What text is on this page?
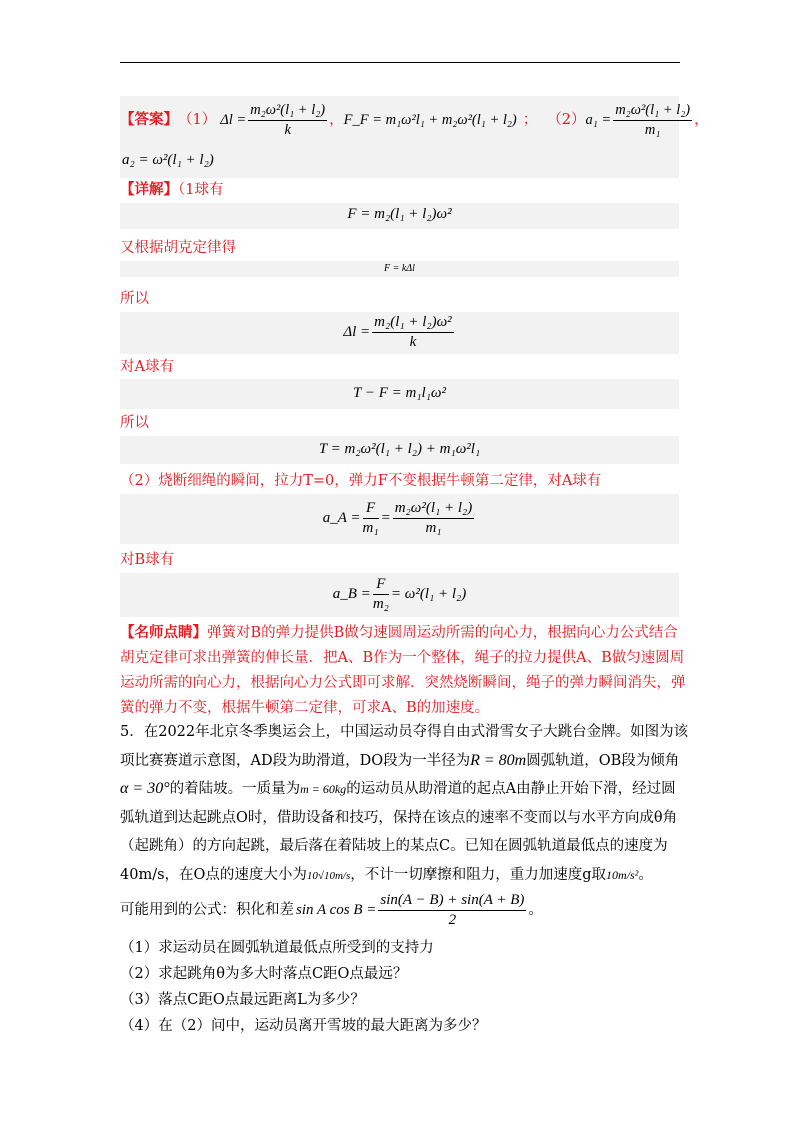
【答案】 （1） $\Delta l = \frac{\text{m₂ω²(l₁ + l₂)}}{k}$ ， F_F = m₁ω²l₁ + m₂ω²(l₁ + l₂) ； （2） $a_1 = \frac{\text{m₂ω²(l₁ + l₂)}}{\text{m₁}}$ ，
a₂ = ω²(l₁ + l₂)
【详解】（1球有
F = m₂(l₁ + l₂)ω²
又根据胡克定律得
F = kΔl
所以
$\Delta l = \frac{\text{m₂(l₁ + l₂)ω²}}{k}$
对A球有
T − F = m₁l₁ω²
所以
T = m₂ω²(l₁ + l₂) + m₁ω²l₁
（2）烧断细绳的瞬间，拉力T=0，弹力F不变根据牛顿第二定律，对A球有
a_A = $\frac{F}{\text{m₁}} = \frac{\text{m₂ω²(l₁ + l₂)}}{\text{m₁}}$
对B球有
a_B = $\frac{F}{\text{m₂}} = \omega^2(l_1 + l_2)$
【名师点睛】弹簧对B的弹力提供B做匀速圆周运动所需的向心力，根据向心力公式结合
胡克定律可求出弹簧的伸长量．把A、B作为一个整体，绳子的拉力提供A、B做匀速圆周
运动所需的向心力，根据向心力公式即可求解．突然烧断瞬间，绳子的弹力瞬间消失，弹
簧的弹力不变，根据牛顿第二定律，可求A、B的加速度。
5．在2022年北京冬季奥运会上，中国运动员夺得自由式滑雪女子大跳台金牌。如图为该
项比赛赛道示意图，AD段为助滑道，DO段为一半径为R = 80m圆弧轨道，OB段为倾角
α = 30°的着陆坡。一质量为m = 60kg的运动员从助滑道的起点A由静止开始下滑，经过圆
弧轨道到达起跳点O时，借助设备和技巧，保持在该点的速率不变而以与水平方向成θ角
（起跳角）的方向起跳，最后落在着陆坡上的某点C。已知在圆弧轨道最低点的速度为
40m/s，在O点的速度大小为10√10m/s，不计一切摩擦和阻力，重力加速度g取10m/s²。
可能用到的公式：积化和差 sin A $\cos B = \frac{\sin(A - B) + \sin(A + B)}{2}$ 。
（1）求运动员在圆弧轨道最低点所受到的支持力
（2）求起跳角θ为多大时落点C距O点最远？
（3）落点C距O点最远距离L为多少？
（4）在（2）问中，运动员离开雪坡的最大距离为多少？
